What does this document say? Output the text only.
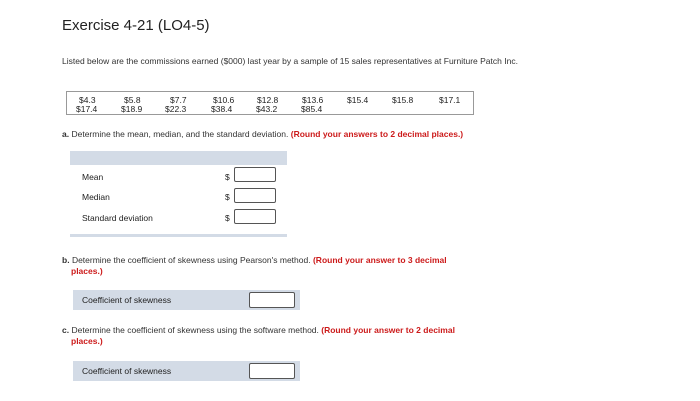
Exercise 4-21 (LO4-5)
Listed below are the commissions earned ($000) last year by a sample of 15 sales representatives at Furniture Patch Inc.
$4.3	$5.8	$7.7	$10.6	$12.8	$13.6	$15.4	$15.8	$17.1
$17.4	$18.9	$22.3	$38.4	$43.2	$85.4
a. Determine the mean, median, and the standard deviation. (Round your answers to 2 decimal places.)
Mean	$
Median	$
Standard deviation	$
b. Determine the coefficient of skewness using Pearson's method. (Round your answer to 3 decimal
places.)
Coefficient of skewness
c. Determine the coefficient of skewness using the software method. (Round your answer to 2 decimal
places.)
Coefficient of skewness
